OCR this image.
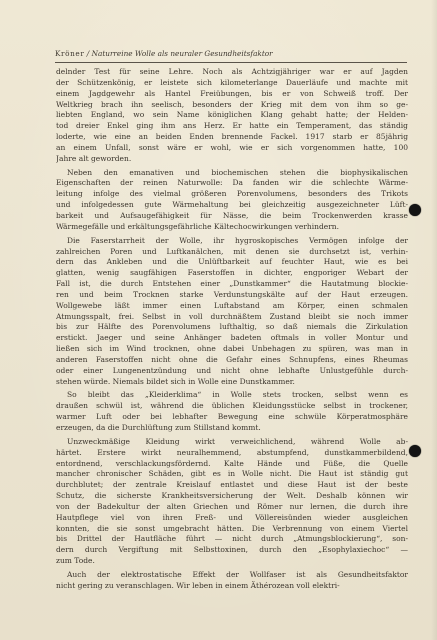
Kröner / Naturreine Wolle als neuraler Gesundheitsfaktor
delnder Test für seine Lehre. Noch als Achtzigjähriger war er auf Jagden
der Schützenkönig, er leistete sich kilometerlange Dauerläufe und machte mit
einem Jagdgewehr als Hantel Freiübungen, bis er von Schweiß troff. Der
Weltkrieg brach ihn seelisch, besonders der Krieg mit dem von ihm so ge-
liebten England, wo sein Name königlichen Klang gehabt hatte; der Helden-
tod dreier Enkel ging ihm ans Herz. Er hatte ein Temperament, das ständig
loderte, wie eine an beiden Enden brennende Fackel. 1917 starb er 85jährig
an einem Unfall, sonst wäre er wohl, wie er sich vorgenommen hatte, 100
Jahre alt geworden.
Neben den emanativen und biochemischen stehen die biophysikalischen
Eigenschaften der reinen Naturwolle: Da fanden wir die schlechte Wärme-
leitung infolge des vielmal größeren Porenvolumens, besonders des Trikots
und infolgedessen gute Wärmehaltung bei gleichzeitig ausgezeichneter Lüft-
barkeit und Aufsaugefähigkeit für Nässe, die beim Trockenwerden krasse
Wärmegefälle und erkältungsgefährliche Kältechocwirkungen verhindern.
Die Faserstarrheit der Wolle, ihr hygroskopisches Vermögen infolge der
zahlreichen Poren und Luftkanälchen, mit denen sie durchsetzt ist, verhin-
dern das Ankleben und die Unlüftbarkeit auf feuchter Haut, wie es bei
glatten, wenig saugfähigen Faserstoffen in dichter, engporiger Webart der
Fall ist, die durch Entstehen einer „Dunstkammer“ die Hautatmung blockie-
ren und beim Trocknen starke Verdunstungskälte auf der Haut erzeugen.
Wollgewebe läßt immer einen Luftabstand am Körper, einen schmalen
Atmungsspalt, frei. Selbst in voll durchnäßtem Zustand bleibt sie noch immer
bis zur Hälfte des Porenvolumens lufthaltig, so daß niemals die Zirkulation
erstickt. Jaeger und seine Anhänger badeten oftmals in voller Montur und
ließen sich im Wind trocknen, ohne dabei Unbehagen zu spüren, was man in
anderen Faserstoffen nicht ohne die Gefahr eines Schnupfens, eines Rheumas
oder einer Lungenentzündung und nicht ohne lebhafte Unlustgefühle durch-
stehen würde. Niemals bildet sich in Wolle eine Dunstkammer.
So bleibt das „Kleiderklima“ in Wolle stets trocken, selbst wenn es
draußen schwül ist, während die üblichen Kleidungsstücke selbst in trockener,
warmer Luft oder bei lebhafter Bewegung eine schwüle Körperatmosphäre
erzeugen, da die Durchlüftung zum Stillstand kommt.
Unzweckmäßige Kleidung wirkt verweichlichend, während Wolle ab-
härtet. Erstere wirkt neuralhemmend, abstumpfend, dunstkammerbildend,
entordnend, verschlackungsfördernd. Kalte Hände und Füße, die Quelle
mancher chronischer Schäden, gibt es in Wolle nicht. Die Haut ist ständig gut
durchblutet; der zentrale Kreislauf entlastet und diese Haut ist der beste
Schutz, die sicherste Krankheitsversicherung der Welt. Deshalb können wir
von der Badekultur der alten Griechen und Römer nur lernen, die durch ihre
Hautpflege viel von ihren Freß- und Völlereisünden wieder ausgleichen
konnten, die sie sonst umgebracht hätten. Die Verbrennung von einem Viertel
bis Drittel der Hautfläche führt — nicht durch „Atmungsblockierung“, son-
dern durch Vergiftung mit Selbsttoxinen, durch den „Esophylaxiechoc“ —
zum Tode.
Auch der elektrostatische Effekt der Wollfaser ist als Gesundheitsfaktor
nicht gering zu veranschlagen. Wir leben in einem Äthérozean voll elektri-
